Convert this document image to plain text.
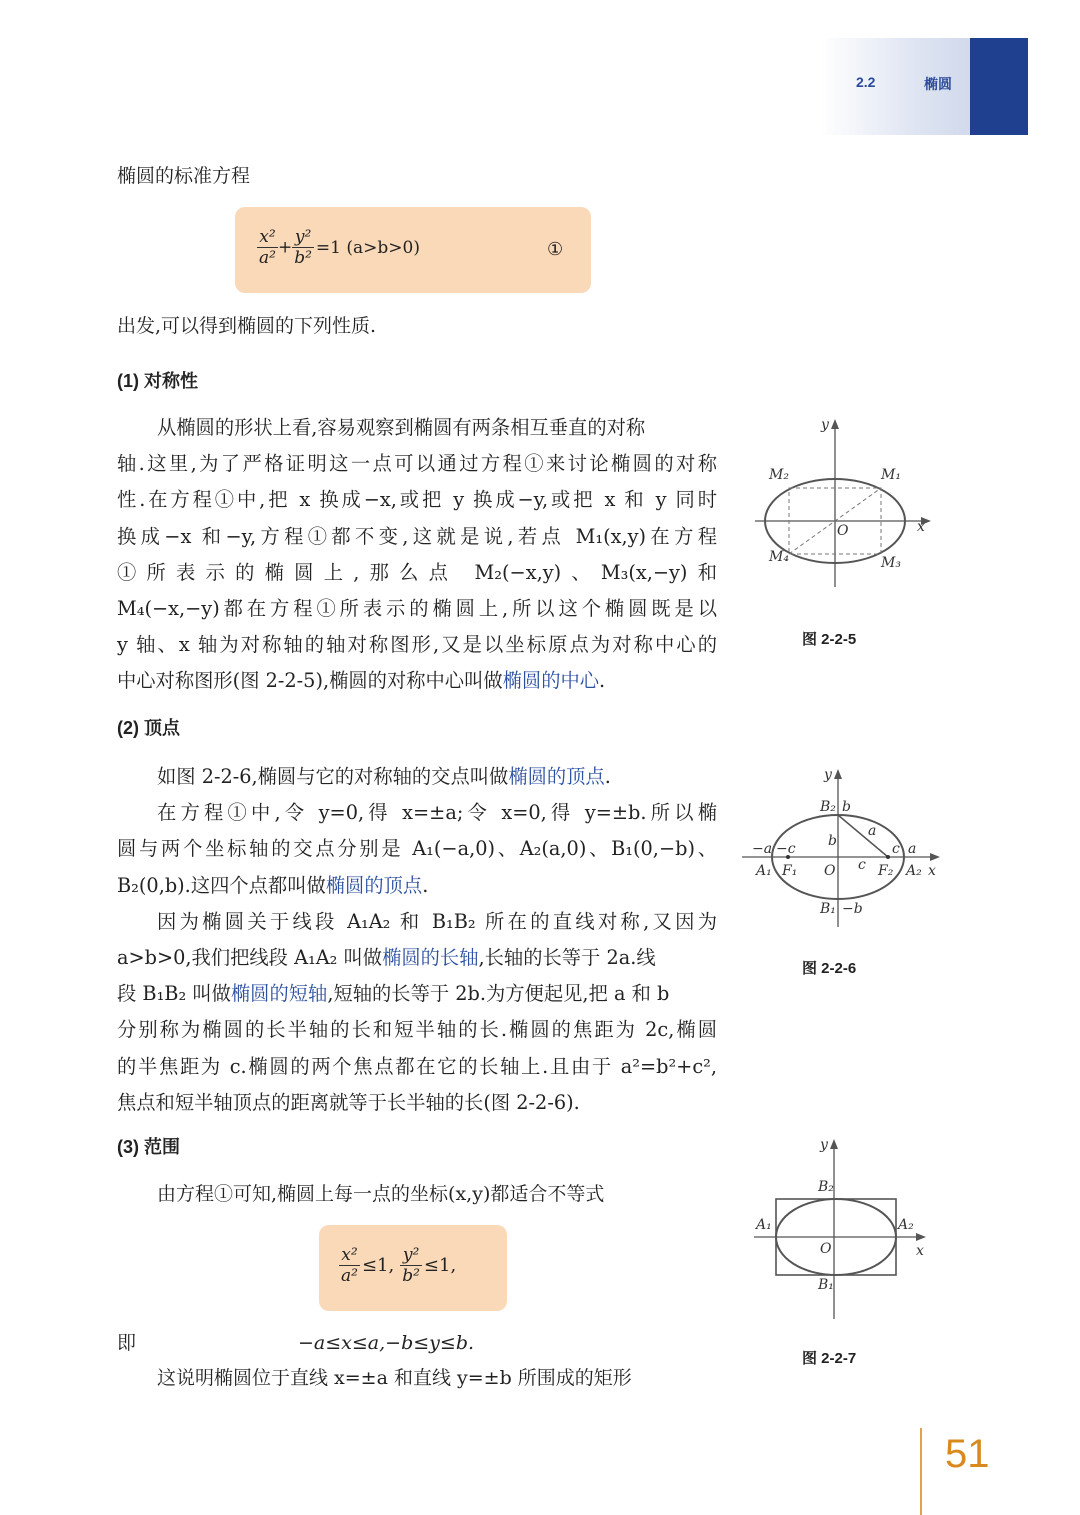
2.2	椭圆
椭圆的标准方程
$\frac{\text{x²}}{\text{a²}} + \frac{\text{y²}}{\text{b²}} =1$ (a>b>0)	①
出发,可以得到椭圆的下列性质.
(1) 对称性
从椭圆的形状上看,容易观察到椭圆有两条相互垂直的对称
轴.这里,为了严格证明这一点可以通过方程①来讨论椭圆的对称
性.在方程①中,把 x 换成−x,或把 y 换成−y,或把 x 和 y 同时
换成−x 和−y,方程①都不变,这就是说,若点 M₁(x,y)在方程
①所表示的椭圆上,那么点 M₂(−x,y)、M₃(x,−y)和
M₄(−x,−y)都在方程①所表示的椭圆上,所以这个椭圆既是以
y 轴、x 轴为对称轴的轴对称图形,又是以坐标原点为对称中心的
中心对称图形(图 2-2-5),椭圆的对称中心叫做椭圆的中心.
y
x
O
M₁
M₂
M₃
M₄
图 2-2-5
(2) 顶点
如图 2-2-6,椭圆与它的对称轴的交点叫做椭圆的顶点.
在方程①中,令 y=0,得 x=±a;令 x=0,得 y=±b.所以椭
圆与两个坐标轴的交点分别是 A₁(−a,0)、A₂(a,0)、B₁(0,−b)、
B₂(0,b).这四个点都叫做椭圆的顶点.
因为椭圆关于线段 A₁A₂ 和 B₁B₂ 所在的直线对称,又因为
a>b>0,我们把线段 A₁A₂ 叫做椭圆的长轴,长轴的长等于 2a.线
段 B₁B₂ 叫做椭圆的短轴,短轴的长等于 2b.为方便起见,把 a 和 b
分别称为椭圆的长半轴的长和短半轴的长.椭圆的焦距为 2c,椭圆
的半焦距为 c.椭圆的两个焦点都在它的长轴上.且由于 a²=b²+c²,
焦点和短半轴顶点的距离就等于长半轴的长(图 2-2-6).
y
x
O
B₂ b
b
B₁ −b
a
c
c a
−a −c
A₁ F₁	F₂ A₂
图 2-2-6
(3) 范围
由方程①可知,椭圆上每一点的坐标(x,y)都适合不等式
$\frac{\text{x²}}{\text{a²}} \le 1$, $\frac{\text{y²}}{\text{b²}} \le 1$,
即	−a≤x≤a,−b≤y≤b.
这说明椭圆位于直线 x=±a 和直线 y=±b 所围成的矩形
y
x
O
A₁	A₂
B₂
B₁
图 2-2-7
51
